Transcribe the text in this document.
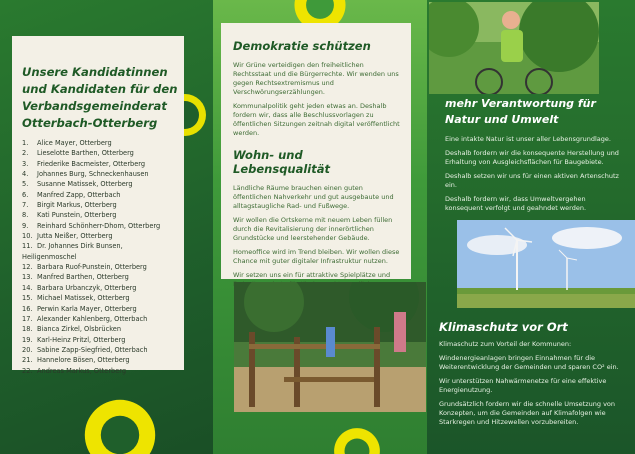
Unsere Kandidatinnen und Kandidaten für den Verbandsgemeinderat Otterbach-Otterberg
1. Alice Mayer, Otterberg
2. Lieselotte Barthen, Otterberg
3. Friederike Bacmeister, Otterberg
4. Johannes Burg, Schneckenhausen
5. Susanne Matissek, Otterberg
6. Manfred Zapp, Otterbach
7. Birgit Markus, Otterberg
8. Kati Punstein, Otterberg
9. Reinhard Schönherr-Dhom, Otterberg
10. Jutta Neißer, Otterberg
11. Dr. Johannes Dirk Bunsen, Heiligenmoschel
12. Barbara Ruof-Punstein, Otterberg
13. Manfred Barthen, Otterberg
14. Barbara Urbanczyk, Otterberg
15. Michael Matissek, Otterberg
16. Perwin Karla Mayer, Otterberg
17. Alexander Kahlenberg, Otterbach
18. Bianca Zirkel, Olsbrücken
19. Karl-Heinz Pritzl, Otterberg
20. Sabine Zapp-Siegfried, Otterbach
21. Hannelore Bösen, Otterberg
22. Andreas Markus, Otterberg
Demokratie schützen

Wir Grüne verteidigen den freiheitlichen Rechtsstaat und die Bürgerrechte. Wir wenden uns gegen Rechtsextremismus und Verschwörungserzählungen.

Kommunalpolitik geht jeden etwas an. Deshalb fordern wir, dass alle Beschlussvorlagen zu öffentlichen Sitzungen zeitnah digital veröffentlicht werden.

Wohn- und Lebensqualität

Ländliche Räume brauchen einen guten öffentlichen Nahverkehr und gut ausgebaute und alltagstaugliche Rad- und Fußwege.

Wir wollen die Ortskerne mit neuem Leben füllen durch die Revitalisierung der innerörtlichen Grundstücke und leerstehender Gebäude.

Homeoffice wird im Trend bleiben. Wir wollen diese Chance mit guter digitaler Infrastruktur nutzen.

Wir setzen uns ein für attraktive Spielplätze und

mehr Verantwortung für Natur und Umwelt

Eine intakte Natur ist unser aller Lebensgrundlage.

Deshalb fordern wir die konsequente Herstellung und Erhaltung von Ausgleichsflächen für Baugebiete.

Deshalb setzen wir uns für einen aktiven Artenschutz ein.

Deshalb fordern wir, dass Umweltvergehen konsequent verfolgt und geahndet werden.

Klimaschutz vor Ort

Klimaschutz zum Vorteil der Kommunen:

Windenergieanlagen bringen Einnahmen für die Weiterentwicklung der Gemeinden und sparen CO² ein.

Wir unterstützen Nahwärmenetze für eine effektive Energienutzung.

Grundsätzlich fordern wir die schnelle Umsetzung von Konzepten, um die Gemeinden auf Klimafolgen wie Starkregen und Hitzewellen vorzubereiten.
